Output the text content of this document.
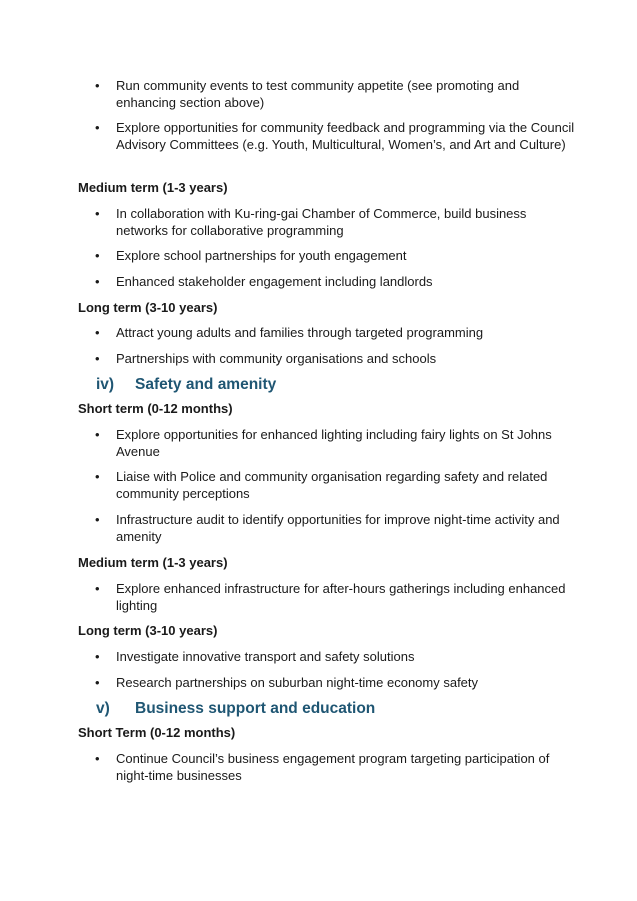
• Run community events to test community appetite (see promoting and enhancing section above)
• Explore opportunities for community feedback and programming via the Council Advisory Committees (e.g. Youth, Multicultural, Women’s, and Art and Culture)
Medium term (1-3 years)
• In collaboration with Ku-ring-gai Chamber of Commerce, build business networks for collaborative programming
• Explore school partnerships for youth engagement
• Enhanced stakeholder engagement including landlords
Long term (3-10 years)
• Attract young adults and families through targeted programming
• Partnerships with community organisations and schools
iv) Safety and amenity
Short term (0-12 months)
• Explore opportunities for enhanced lighting including fairy lights on St Johns Avenue
• Liaise with Police and community organisation regarding safety and related community perceptions
• Infrastructure audit to identify opportunities for improve night-time activity and amenity
Medium term (1-3 years)
• Explore enhanced infrastructure for after-hours gatherings including enhanced lighting
Long term (3-10 years)
• Investigate innovative transport and safety solutions
• Research partnerships on suburban night-time economy safety
v) Business support and education
Short Term (0-12 months)
• Continue Council’s business engagement program targeting participation of night-time businesses
